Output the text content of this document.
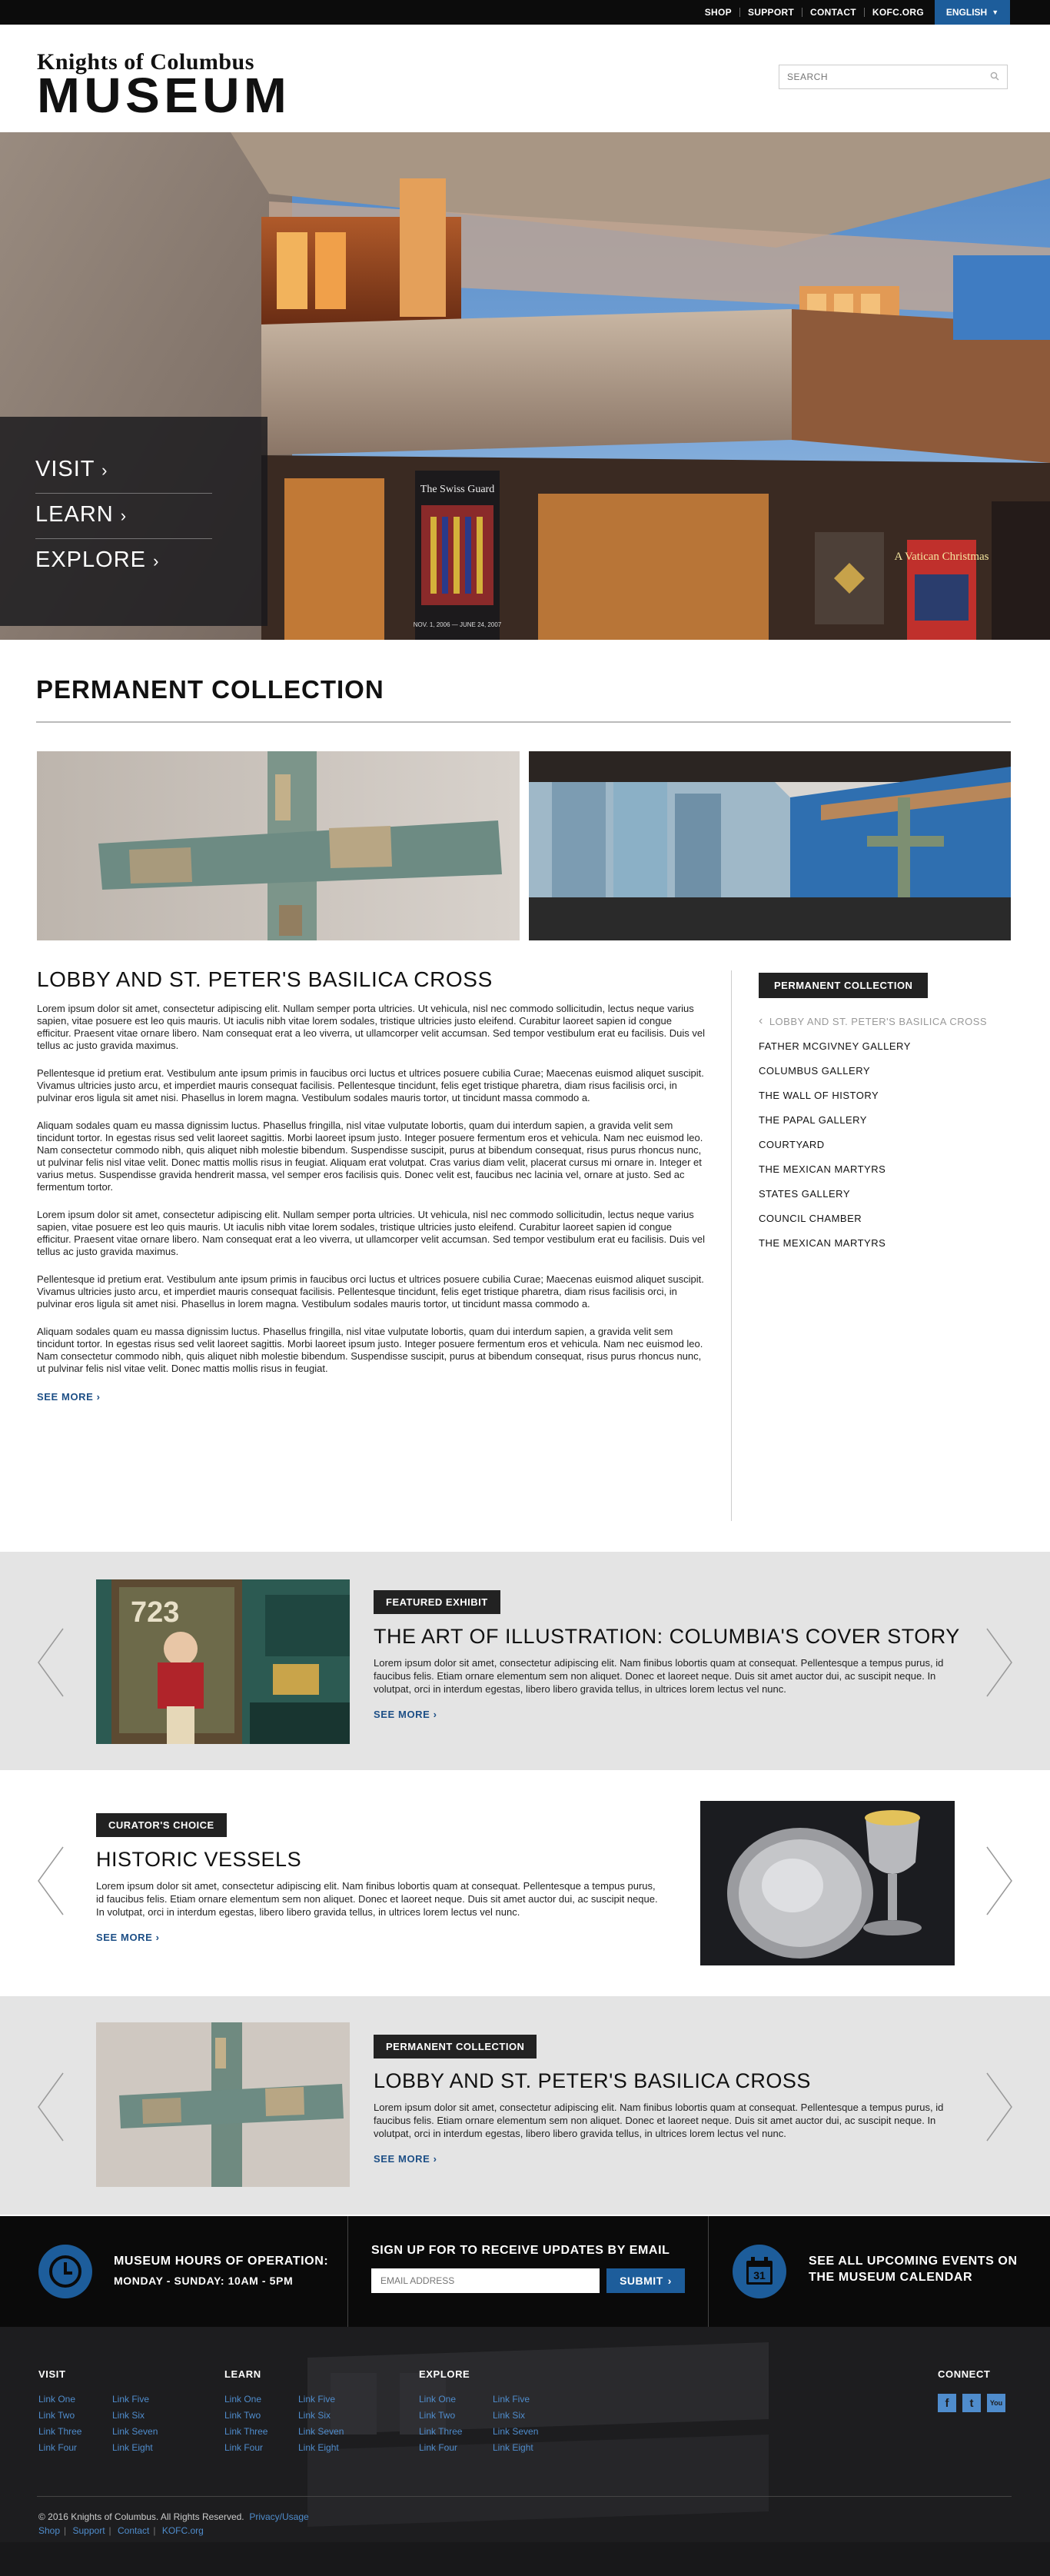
SHOP	SUPPORT	CONTACT	KOFC.ORG	ENGLISH ▼
Knights of Columbus
MUSEUM
SEARCH
The Swiss Guard
NOV. 1, 2006 — JUNE 24, 2007
A Vatican Christmas
VISIT ›
LEARN ›
EXPLORE ›
PERMANENT COLLECTION
LOBBY AND ST. PETER'S BASILICA CROSS

Lorem ipsum dolor sit amet, consectetur adipiscing elit. Nullam semper porta ultricies. Ut vehicula, nisl nec commodo sollicitudin, lectus neque varius sapien, vitae posuere est leo quis mauris. Ut iaculis nibh vitae lorem sodales, tristique ultricies justo eleifend. Curabitur laoreet sapien id congue efficitur. Praesent vitae ornare libero. Nam consequat erat a leo viverra, ut ullamcorper velit accumsan. Sed tempor vestibulum erat eu facilisis. Duis vel tellus ac justo gravida maximus.

Pellentesque id pretium erat. Vestibulum ante ipsum primis in faucibus orci luctus et ultrices posuere cubilia Curae; Maecenas euismod aliquet suscipit. Vivamus ultricies justo arcu, et imperdiet mauris consequat facilisis. Pellentesque tincidunt, felis eget tristique pharetra, diam risus facilisis orci, in pulvinar eros ligula sit amet nisi. Phasellus in lorem magna. Vestibulum sodales mauris tortor, ut tincidunt massa commodo a.

Aliquam sodales quam eu massa dignissim luctus. Phasellus fringilla, nisl vitae vulputate lobortis, quam dui interdum sapien, a gravida velit sem tincidunt tortor. In egestas risus sed velit laoreet sagittis. Morbi laoreet ipsum justo. Integer posuere fermentum eros et vehicula. Nam nec euismod leo. Nam consectetur commodo nibh, quis aliquet nibh molestie bibendum. Suspendisse suscipit, purus at bibendum consequat, risus purus rhoncus nunc, ut pulvinar felis nisl vitae velit. Donec mattis mollis risus in feugiat. Aliquam erat volutpat. Cras varius diam velit, placerat cursus mi ornare in. Integer et varius metus. Suspendisse gravida hendrerit massa, vel semper eros facilisis quis. Donec velit est, faucibus nec lacinia vel, ornare at justo. Sed ac fermentum tortor.

Lorem ipsum dolor sit amet, consectetur adipiscing elit. Nullam semper porta ultricies. Ut vehicula, nisl nec commodo sollicitudin, lectus neque varius sapien, vitae posuere est leo quis mauris. Ut iaculis nibh vitae lorem sodales, tristique ultricies justo eleifend. Curabitur laoreet sapien id congue efficitur. Praesent vitae ornare libero. Nam consequat erat a leo viverra, ut ullamcorper velit accumsan. Sed tempor vestibulum erat eu facilisis. Duis vel tellus ac justo gravida maximus.

Pellentesque id pretium erat. Vestibulum ante ipsum primis in faucibus orci luctus et ultrices posuere cubilia Curae; Maecenas euismod aliquet suscipit. Vivamus ultricies justo arcu, et imperdiet mauris consequat facilisis. Pellentesque tincidunt, felis eget tristique pharetra, diam risus facilisis orci, in pulvinar eros ligula sit amet nisi. Phasellus in lorem magna. Vestibulum sodales mauris tortor, ut tincidunt massa commodo a.

Aliquam sodales quam eu massa dignissim luctus. Phasellus fringilla, nisl vitae vulputate lobortis, quam dui interdum sapien, a gravida velit sem tincidunt tortor. In egestas risus sed velit laoreet sagittis. Morbi laoreet ipsum justo. Integer posuere fermentum eros et vehicula. Nam nec euismod leo. Nam consectetur commodo nibh, quis aliquet nibh molestie bibendum. Suspendisse suscipit, purus at bibendum consequat, risus purus rhoncus nunc, ut pulvinar felis nisl vitae velit. Donec mattis mollis risus in feugiat.

SEE MORE ›
PERMANENT COLLECTION
‹ LOBBY AND ST. PETER'S BASILICA CROSS
FATHER MCGIVNEY GALLERY
COLUMBUS GALLERY
THE WALL OF HISTORY
THE PAPAL GALLERY
COURTYARD
THE MEXICAN MARTYRS
STATES GALLERY
COUNCIL CHAMBER
THE MEXICAN MARTYRS
723	FEATURED EXHIBIT
THE ART OF ILLUSTRATION: COLUMBIA'S COVER STORY

Lorem ipsum dolor sit amet, consectetur adipiscing elit. Nam finibus lobortis quam at consequat. Pellentesque a tempus purus, id faucibus felis. Etiam ornare elementum sem non aliquet. Donec et laoreet neque. Duis sit amet auctor dui, ac suscipit neque. In volutpat, orci in interdum egestas, libero libero gravida tellus, in ultrices lorem lectus vel nunc.

SEE MORE ›
CURATOR'S CHOICE
HISTORIC VESSELS

Lorem ipsum dolor sit amet, consectetur adipiscing elit. Nam finibus lobortis quam at consequat. Pellentesque a tempus purus, id faucibus felis. Etiam ornare elementum sem non aliquet. Donec et laoreet neque. Duis sit amet auctor dui, ac suscipit neque. In volutpat, orci in interdum egestas, libero libero gravida tellus, in ultrices lorem lectus vel nunc.

SEE MORE ›
PERMANENT COLLECTION
LOBBY AND ST. PETER'S BASILICA CROSS

Lorem ipsum dolor sit amet, consectetur adipiscing elit. Nam finibus lobortis quam at consequat. Pellentesque a tempus purus, id faucibus felis. Etiam ornare elementum sem non aliquet. Donec et laoreet neque. Duis sit amet auctor dui, ac suscipit neque. In volutpat, orci in interdum egestas, libero libero gravida tellus, in ultrices lorem lectus vel nunc.

SEE MORE ›
MUSEUM HOURS OF OPERATION:
MONDAY - SUNDAY: 10AM - 5PM
SIGN UP FOR TO RECEIVE UPDATES BY EMAIL
EMAIL ADDRESS
SUBMIT ›	31
SEE ALL UPCOMING EVENTS ON
THE MUSEUM CALENDAR
VISIT
Link One	Link Five
Link Two	Link Six
Link Three	Link Seven
Link Four	Link Eight
LEARN
Link One	Link Five
Link Two	Link Six
Link Three	Link Seven
Link Four	Link Eight
EXPLORE
Link One	Link Five
Link Two	Link Six
Link Three	Link Seven
Link Four	Link Eight
CONNECT
f	t	You
© 2016 Knights of Columbus. All Rights Reserved. Privacy/Usage
Shop | Support | Contact | KOFC.org
